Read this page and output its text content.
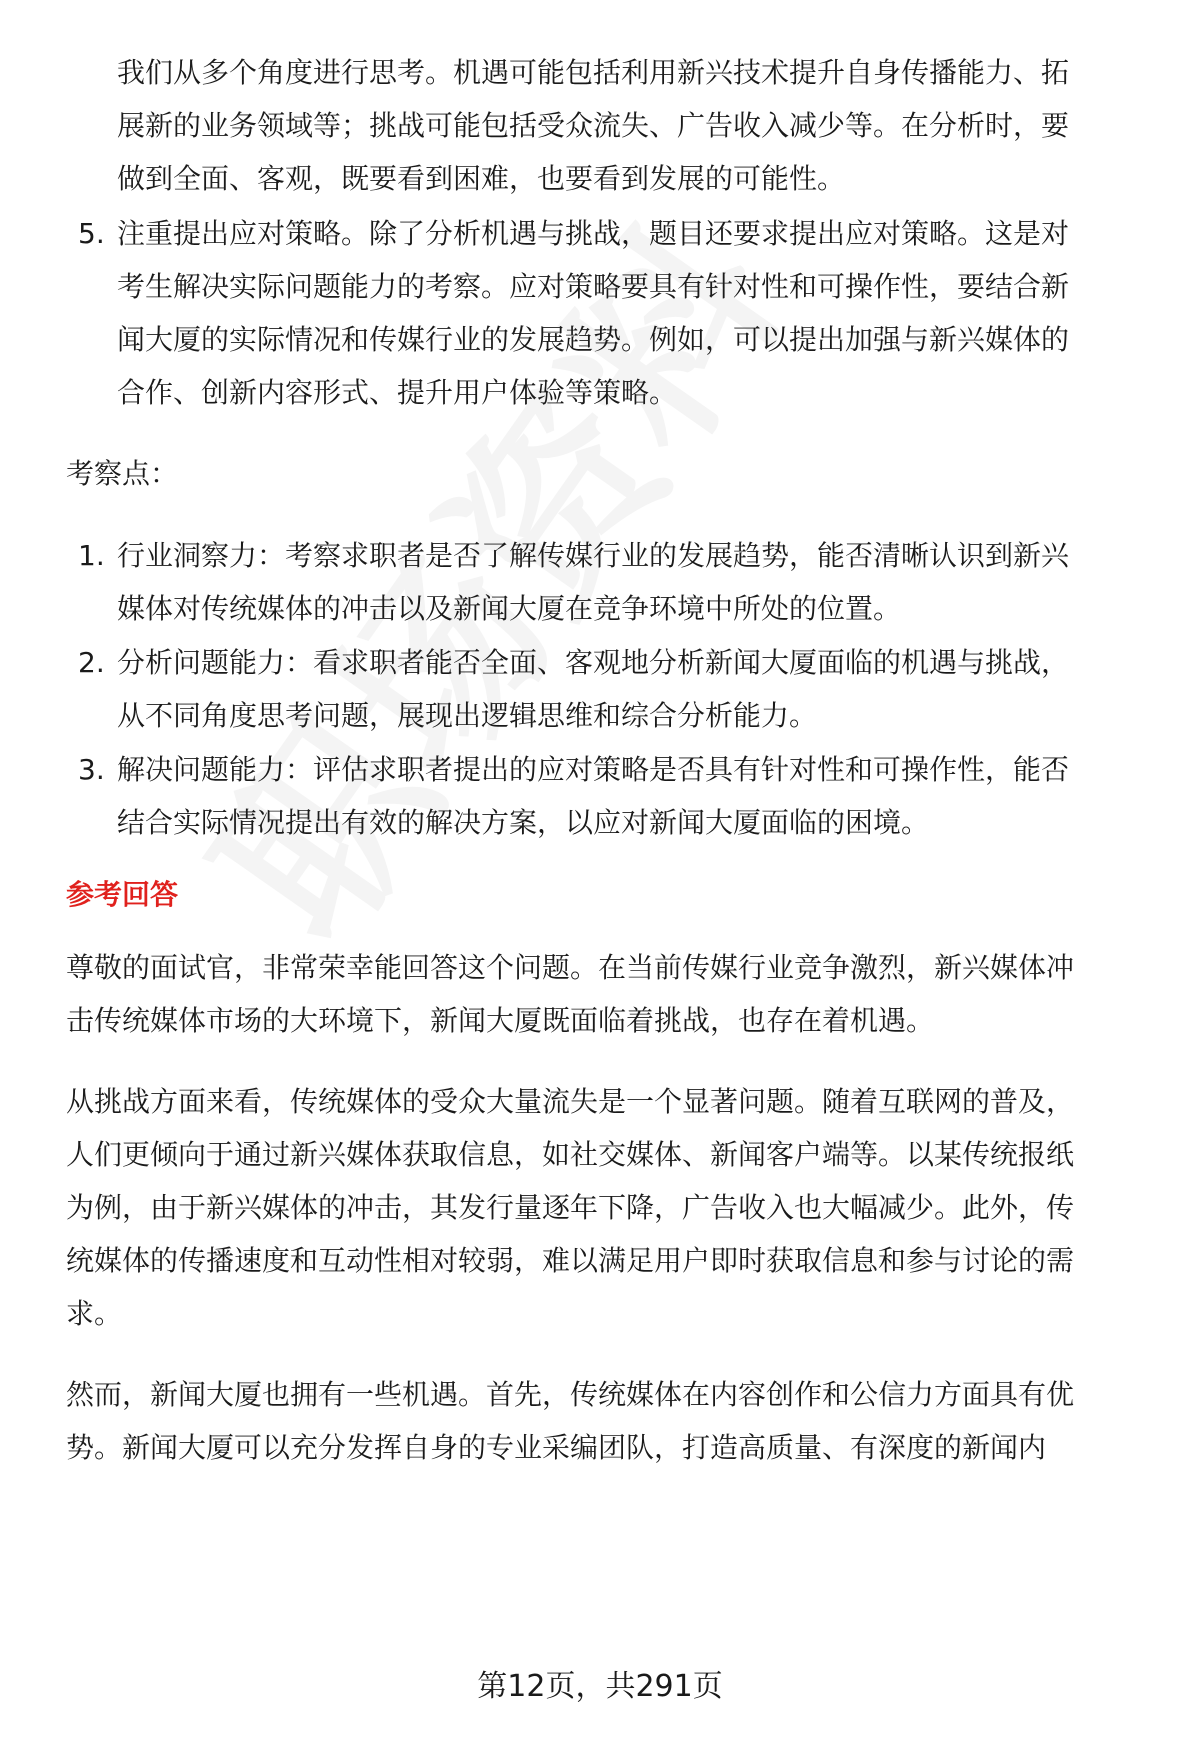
我们从多个角度进行思考。机遇可能包括利用新兴技术提升自身传播能力、拓
展新的业务领域等；挑战可能包括受众流失、广告收入减少等。在分析时，要
做到全面、客观，既要看到困难，也要看到发展的可能性。
5. 注重提出应对策略。除了分析机遇与挑战，题目还要求提出应对策略。这是对
考生解决实际问题能力的考察。应对策略要具有针对性和可操作性，要结合新
闻大厦的实际情况和传媒行业的发展趋势。例如，可以提出加强与新兴媒体的
合作、创新内容形式、提升用户体验等策略。
考察点：
1. 行业洞察力：考察求职者是否了解传媒行业的发展趋势，能否清晰认识到新兴
媒体对传统媒体的冲击以及新闻大厦在竞争环境中所处的位置。
2. 分析问题能力：看求职者能否全面、客观地分析新闻大厦面临的机遇与挑战，
从不同角度思考问题，展现出逻辑思维和综合分析能力。
3. 解决问题能力：评估求职者提出的应对策略是否具有针对性和可操作性，能否
结合实际情况提出有效的解决方案，以应对新闻大厦面临的困境。
参考回答
尊敬的面试官，非常荣幸能回答这个问题。在当前传媒行业竞争激烈，新兴媒体冲
击传统媒体市场的大环境下，新闻大厦既面临着挑战，也存在着机遇。
从挑战方面来看，传统媒体的受众大量流失是一个显著问题。随着互联网的普及，
人们更倾向于通过新兴媒体获取信息，如社交媒体、新闻客户端等。以某传统报纸
为例，由于新兴媒体的冲击，其发行量逐年下降，广告收入也大幅减少。此外，传
统媒体的传播速度和互动性相对较弱，难以满足用户即时获取信息和参与讨论的需
求。
然而，新闻大厦也拥有一些机遇。首先，传统媒体在内容创作和公信力方面具有优
势。新闻大厦可以充分发挥自身的专业采编团队，打造高质量、有深度的新闻内
第12页，共291页
